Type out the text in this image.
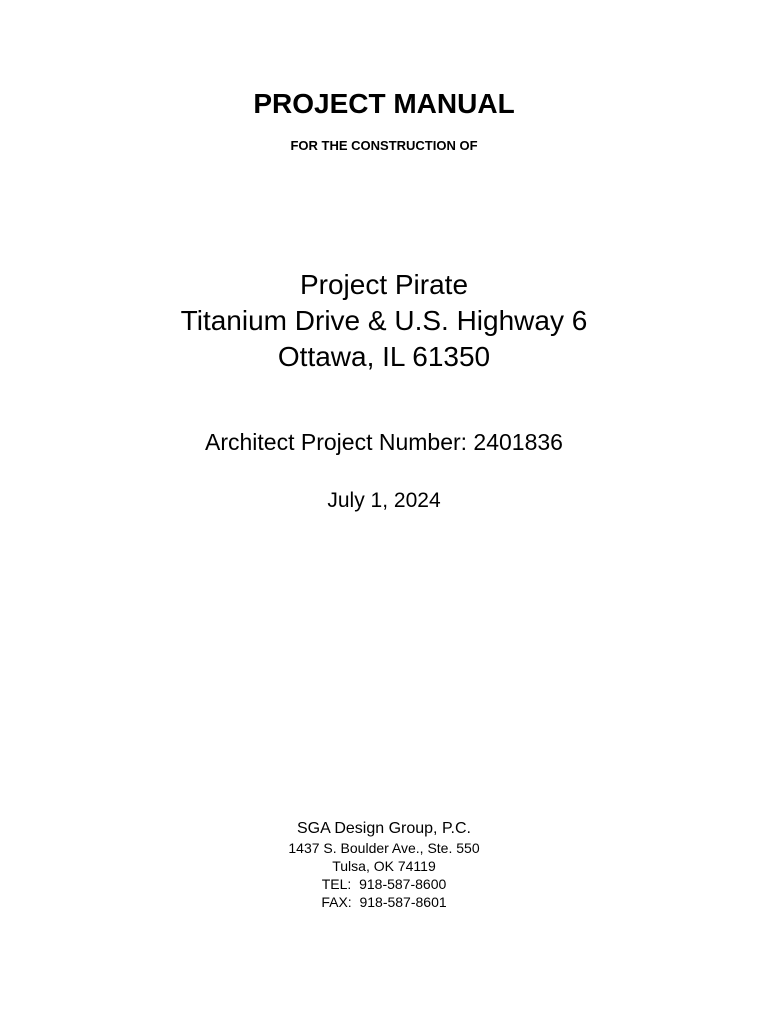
PROJECT MANUAL
FOR THE CONSTRUCTION OF
Project Pirate
Titanium Drive & U.S. Highway 6
Ottawa, IL 61350
Architect Project Number: 2401836
July 1, 2024
SGA Design Group, P.C.
1437 S. Boulder Ave., Ste. 550
Tulsa, OK 74119
TEL:  918-587-8600
FAX:  918-587-8601
